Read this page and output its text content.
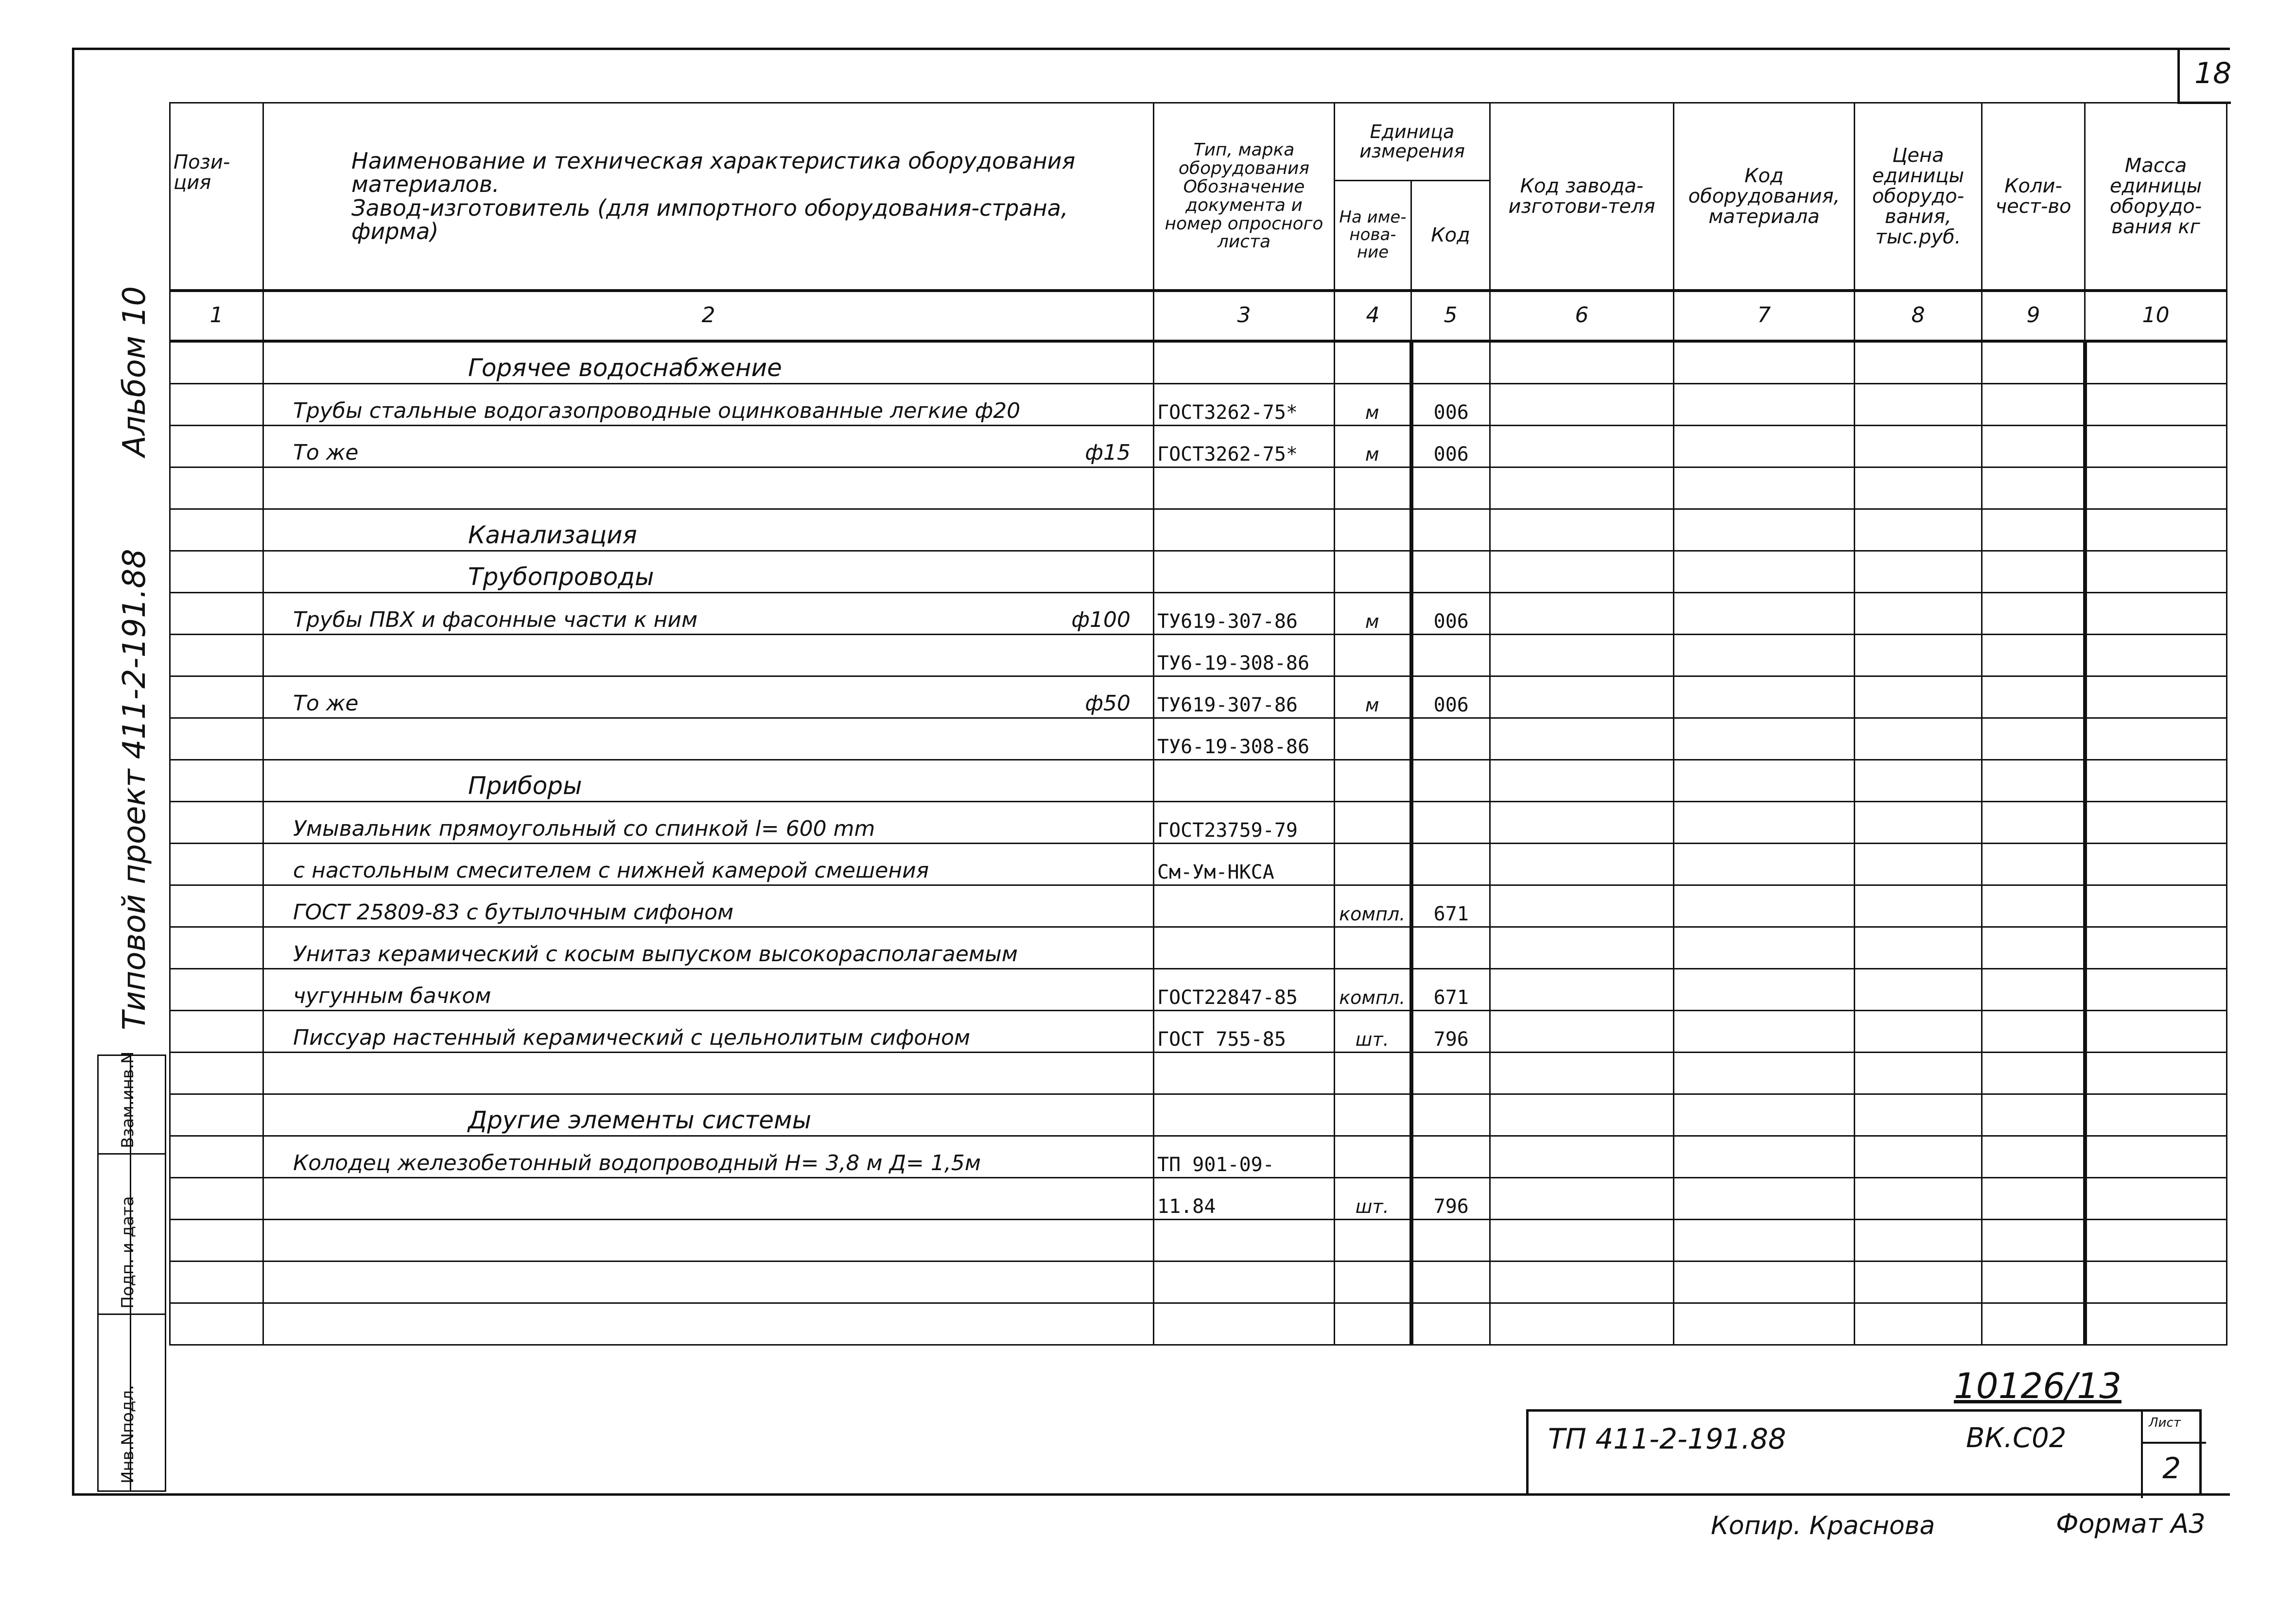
18
Альбом 10
Типовой проект 411-2-191.88
Взам.инв.N
Подп. и дата
Инв.Nподл.
Пози-
ция	Наименование и техническая характеристика оборудования материалов.
Завод-изготовитель (для импортного оборудования-страна, фирма)	Тип, марка оборудования Обозначение документа и номер опросного листа	Единица измерения		Код завода-изготови-теля	Код оборудования, материала	Цена единицы оборудо-вания, тыс.руб.	Коли-чест-во	Масса единицы оборудо-вания кг
			На име-нова-ние	Код					
1	2	3	4	5	6	7	8	9	10
	Горячее водоснабжение								
	Трубы стальные водогазопроводные оцинкованные легкие ф20	ГОСТ3262-75*	м	006					
	То же ф15	ГОСТ3262-75*	м	006					

	Канализация								
	Трубопроводы								
	Трубы ПВХ и фасонные части к ним ф100	ТУ619-307-86	м	006					
		ТУ6-19-308-86							
	То же ф50	ТУ619-307-86	м	006					
		ТУ6-19-308-86							
	Приборы								
	Умывальник прямоугольный со спинкой l= 600 mm	ГОСТ23759-79							
	с настольным смесителем с нижней камерой смешения	См-Ум-НКСА							
	ГОСТ 25809-83 с бутылочным сифоном		компл.	671					
	Унитаз керамический с косым выпуском высокорасполагаемым								
	чугунным бачком	ГОСТ22847-85	компл.	671					
	Писсуар настенный керамический с цельнолитым сифоном	ГОСТ 755-85	шт.	796					

	Другие элементы системы								
	Колодец железобетонный водопроводный H= 3,8 м Д= 1,5м	ТП 901-09-							
		11.84	шт.	796					

10126/13
ТП 411-2-191.88	ВК.С02	Лист
2
Копир. Краснова	Формат А3
